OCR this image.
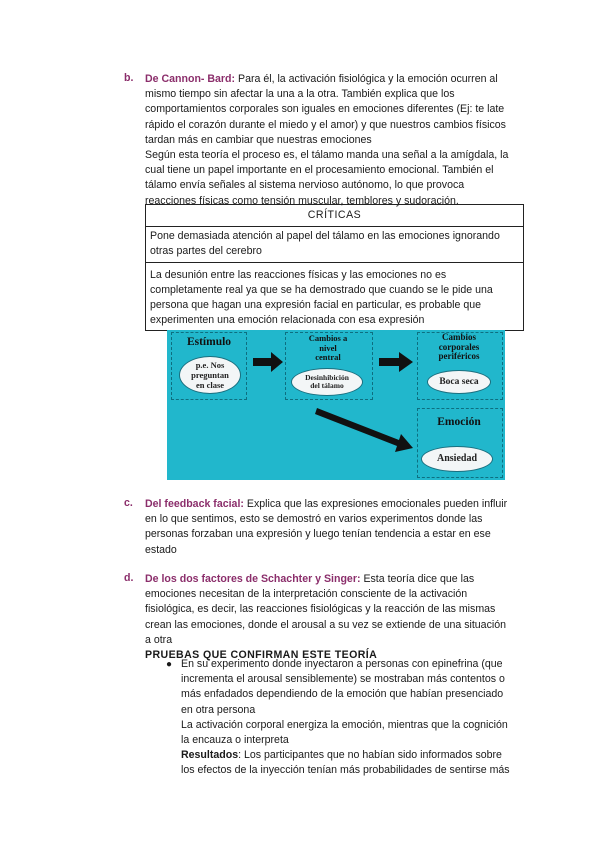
b. De Cannon- Bard: Para él, la activación fisiológica y la emoción ocurren al
mismo tiempo sin afectar la una a la otra. También explica que los
comportamientos corporales son iguales en emociones diferentes (Ej: te late
rápido el corazón durante el miedo y el amor) y que nuestros cambios físicos
tardan más en cambiar que nuestras emociones
Según esta teoría el proceso es, el tálamo manda una señal a la amígdala, la
cual tiene un papel importante en el procesamiento emocional. También el
tálamo envía señales al sistema nervioso autónomo, lo que provoca
reacciones físicas como tensión muscular, temblores y sudoración.
CRÍTICAS

Pone demasiada atención al papel del tálamo en las emociones ignorando
otras partes del cerebro

La desunión entre las reacciones físicas y las emociones no es
completamente real ya que se ha demostrado que cuando se le pide una
persona que hagan una expresión facial en particular, es probable que
experimenten una emoción relacionada con esa expresión
Estímulo
p.e. Nos
preguntan
en clase
Cambios a
nivel
central
Desinhibición
del tálamo
Cambios
corporales
periféricos
Boca seca
Emoción
Ansiedad
c. Del feedback facial: Explica que las expresiones emocionales pueden influir
en lo que sentimos, esto se demostró en varios experimentos donde las
personas forzaban una expresión y luego tenían tendencia a estar en ese
estado
d. De los dos factores de Schachter y Singer: Esta teoría dice que las
emociones necesitan de la interpretación consciente de la activación
fisiológica, es decir, las reacciones fisiológicas y la reacción de las mismas
crean las emociones, donde el arousal a su vez se extiende de una situación
a otra
PRUEBAS QUE CONFIRMAN ESTE TEORÍA
● En su experimento donde inyectaron a personas con epinefrina (que
incrementa el arousal sensiblemente) se mostraban más contentos o
más enfadados dependiendo de la emoción que habían presenciado
en otra persona
La activación corporal energiza la emoción, mientras que la cognición
la encauza o interpreta
Resultados: Los participantes que no habían sido informados sobre
los efectos de la inyección tenían más probabilidades de sentirse más
